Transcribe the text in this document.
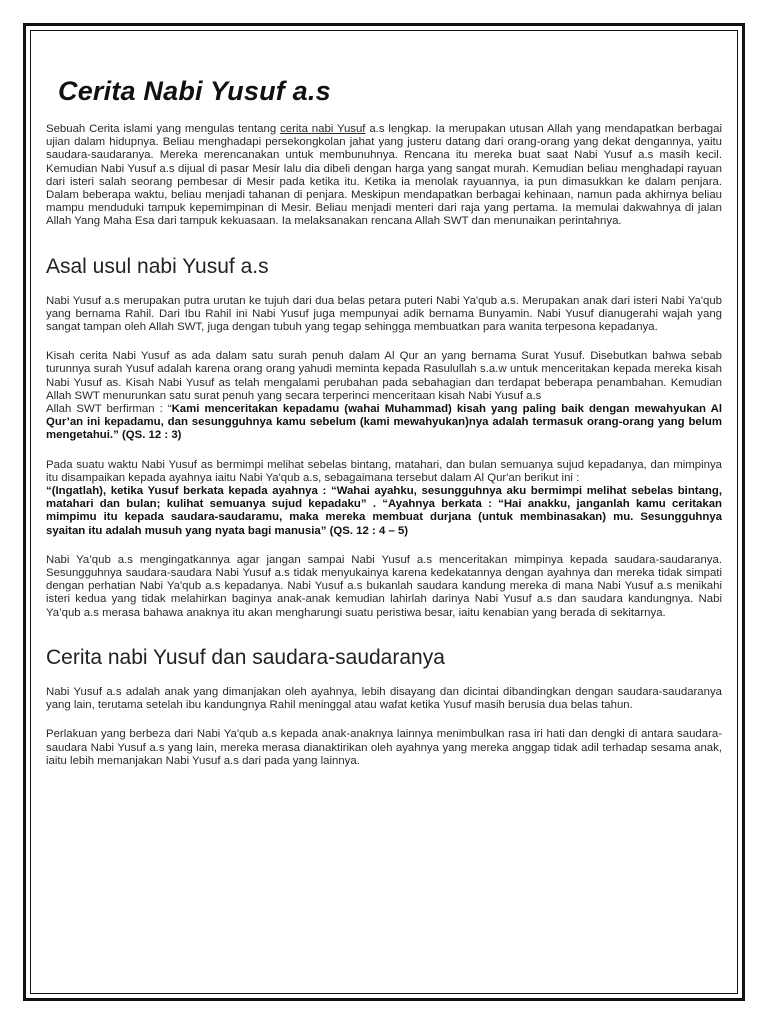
Cerita Nabi Yusuf a.s

Sebuah Cerita islami yang mengulas tentang cerita nabi Yusuf a.s lengkap. Ia merupakan utusan Allah yang mendapatkan berbagai ujian dalam hidupnya. Beliau menghadapi persekongkolan jahat yang justeru datang dari orang-orang yang dekat dengannya, yaitu saudara-saudaranya. Mereka merencanakan untuk membunuhnya. Rencana itu mereka buat saat Nabi Yusuf a.s masih kecil. Kemudian Nabi Yusuf a.s dijual di pasar Mesir lalu dia dibeli dengan harga yang sangat murah. Kemudian beliau menghadapi rayuan dari isteri salah seorang pembesar di Mesir pada ketika itu. Ketika ia menolak rayuannya, ia pun dimasukkan ke dalam penjara. Dalam beberapa waktu, beliau menjadi tahanan di penjara. Meskipun mendapatkan berbagai kehinaan, namun pada akhirnya beliau mampu menduduki tampuk kepemimpinan di Mesir. Beliau menjadi menteri dari raja yang pertama. Ia memulai dakwahnya di jalan Allah Yang Maha Esa dari tampuk kekuasaan. Ia melaksanakan rencana Allah SWT dan menunaikan perintahnya.

Asal usul nabi Yusuf a.s

Nabi Yusuf a.s merupakan putra urutan ke tujuh dari dua belas petara puteri Nabi Ya'qub a.s. Merupakan anak dari isteri Nabi Ya'qub yang bernama Rahil. Dari Ibu Rahil ini Nabi Yusuf juga mempunyai adik bernama Bunyamin. Nabi Yusuf dianugerahi wajah yang sangat tampan oleh Allah SWT, juga dengan tubuh yang tegap sehingga membuatkan para wanita terpesona kepadanya.

Kisah cerita Nabi Yusuf as ada dalam satu surah penuh dalam Al Qur an yang bernama Surat Yusuf. Disebutkan bahwa sebab turunnya surah Yusuf adalah karena orang orang yahudi meminta kepada Rasulullah s.a.w untuk menceritakan kepada mereka kisah Nabi Yusuf as. Kisah Nabi Yusuf as telah mengalami perubahan pada sebahagian dan terdapat beberapa penambahan. Kemudian Allah SWT menurunkan satu surat penuh yang secara terperinci menceritaan kisah Nabi Yusuf a.s
Allah SWT berfirman : “Kami menceritakan kepadamu (wahai Muhammad) kisah yang paling baik dengan mewahyukan Al Qur’an ini kepadamu, dan sesungguhnya kamu sebelum (kami mewahyukan)nya adalah termasuk orang-orang yang belum mengetahui.” (QS. 12 : 3)

Pada suatu waktu Nabi Yusuf as bermimpi melihat sebelas bintang, matahari, dan bulan semuanya sujud kepadanya, dan mimpinya itu disampaikan kepada ayahnya iaitu Nabi Ya'qub a.s, sebagaimana tersebut dalam Al Qur'an berikut ini :
“(Ingatlah), ketika Yusuf berkata kepada ayahnya : “Wahai ayahku, sesungguhnya aku bermimpi melihat sebelas bintang, matahari dan bulan; kulihat semuanya sujud kepadaku” . “Ayahnya berkata : “Hai anakku, janganlah kamu ceritakan mimpimu itu kepada saudara-saudaramu, maka mereka membuat durjana (untuk membinasakan) mu. Sesungguhnya syaitan itu adalah musuh yang nyata bagi manusia” (QS. 12 : 4 – 5)

Nabi Ya’qub a.s mengingatkannya agar jangan sampai Nabi Yusuf a.s menceritakan mimpinya kepada saudara-saudaranya. Sesungguhnya saudara-saudara Nabi Yusuf a.s tidak menyukainya karena kedekatannya dengan ayahnya dan mereka tidak simpati dengan perhatian Nabi Ya'qub a.s kepadanya. Nabi Yusuf a.s bukanlah saudara kandung mereka di mana Nabi Yusuf a.s menikahi isteri kedua yang tidak melahirkan baginya anak-anak kemudian lahirlah darinya Nabi Yusuf a.s dan saudara kandungnya. Nabi Ya’qub a.s merasa bahawa anaknya itu akan mengharungi suatu peristiwa besar, iaitu kenabian yang berada di sekitarnya.

Cerita nabi Yusuf dan saudara-saudaranya

Nabi Yusuf a.s adalah anak yang dimanjakan oleh ayahnya, lebih disayang dan dicintai dibandingkan dengan saudara-saudaranya yang lain, terutama setelah ibu kandungnya Rahil meninggal atau wafat ketika Yusuf masih berusia dua belas tahun.

Perlakuan yang berbeza dari Nabi Ya'qub a.s kepada anak-anaknya lainnya menimbulkan rasa iri hati dan dengki di antara saudara-saudara Nabi Yusuf a.s yang lain, mereka merasa dianaktirikan oleh ayahnya yang mereka anggap tidak adil terhadap sesama anak, iaitu lebih memanjakan Nabi Yusuf a.s dari pada yang lainnya.
